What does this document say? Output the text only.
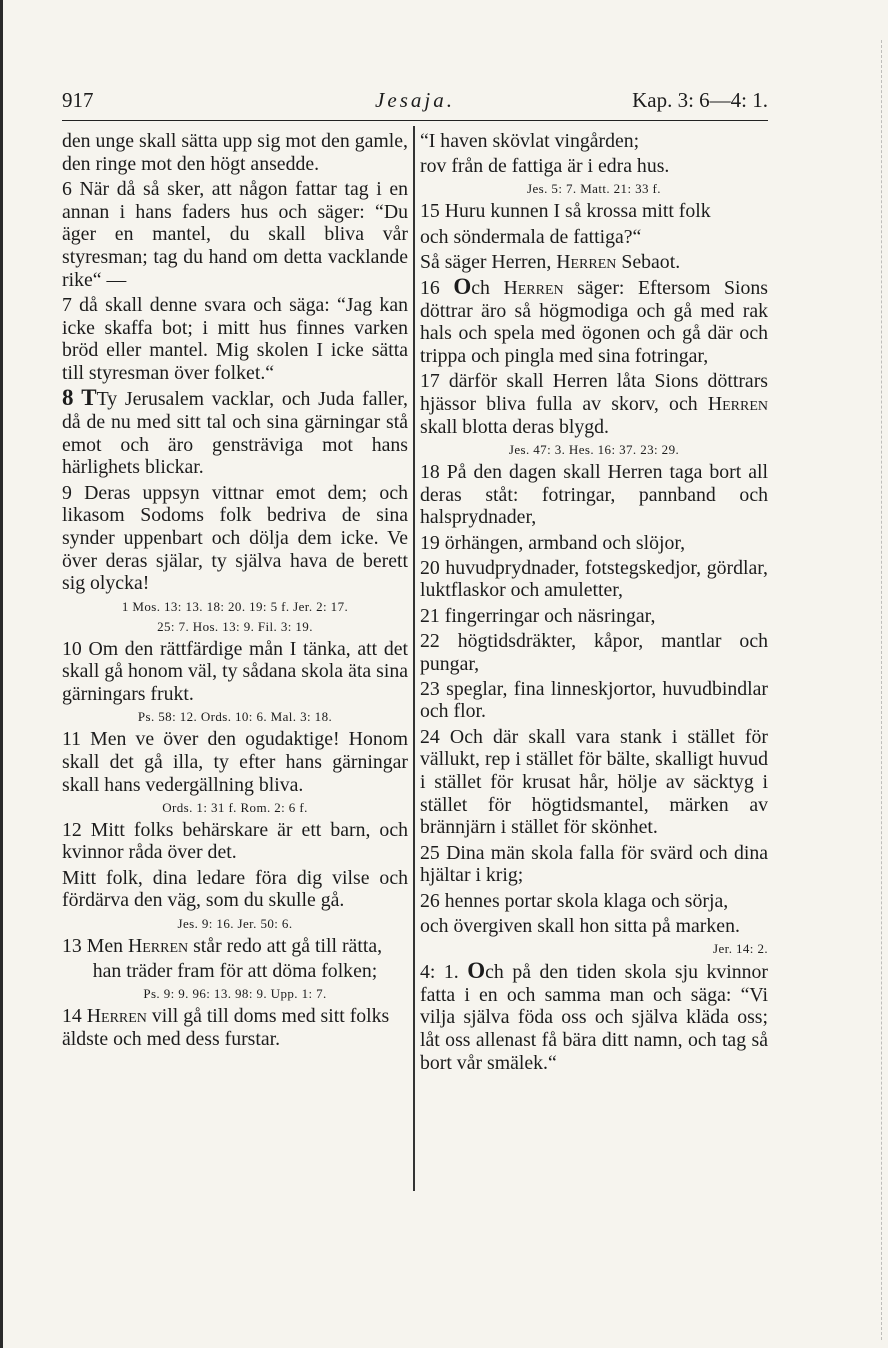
917	Jesaja.	Kap. 3: 6—4: 1.

den unge skall sätta upp sig mot den gamle, den ringe mot den högt ansedde.

6 När då så sker, att någon fattar tag i en annan i hans faders hus och säger: “Du äger en mantel, du skall bliva vår styresman; tag du hand om detta vacklande rike“ —

7 då skall denne svara och säga: “Jag kan icke skaffa bot; i mitt hus finnes varken bröd eller mantel. Mig skolen I icke sätta till styresman över folket.“

8 TTy Jerusalem vacklar, och Juda faller, då de nu med sitt tal och sina gärningar stå emot och äro gensträviga mot hans härlighets blickar.

9 Deras uppsyn vittnar emot dem; och likasom Sodoms folk bedriva de sina synder uppenbart och dölja dem icke. Ve över deras själar, ty själva hava de berett sig olycka!

1 Mos. 13: 13. 18: 20. 19: 5 f. Jer. 2: 17.

25: 7. Hos. 13: 9. Fil. 3: 19.

10 Om den rättfärdige mån I tänka, att det skall gå honom väl, ty sådana skola äta sina gärningars frukt.

Ps. 58: 12. Ords. 10: 6. Mal. 3: 18.

11 Men ve över den ogudaktige! Honom skall det gå illa, ty efter hans gärningar skall hans vedergällning bliva.

Ords. 1: 31 f. Rom. 2: 6 f.

12 Mitt folks behärskare är ett barn, och kvinnor råda över det.

Mitt folk, dina ledare föra dig vilse och fördärva den väg, som du skulle gå.

Jes. 9: 16. Jer. 50: 6.

13 Men Herren står redo att gå till rätta,

han träder fram för att döma folken;

Ps. 9: 9. 96: 13. 98: 9. Upp. 1: 7.

14 Herren vill gå till doms med sitt folks äldste och med dess furstar.

“I haven skövlat vingården;

rov från de fattiga är i edra hus.

Jes. 5: 7. Matt. 21: 33 f.

15 Huru kunnen I så krossa mitt folk

och söndermala de fattiga?“

Så säger Herren, Herren Sebaot.

16 Och Herren säger: Eftersom Sions döttrar äro så högmodiga och gå med rak hals och spela med ögonen och gå där och trippa och pingla med sina fotringar,

17 därför skall Herren låta Sions döttrars hjässor bliva fulla av skorv, och Herren skall blotta deras blygd.

Jes. 47: 3. Hes. 16: 37. 23: 29.

18 På den dagen skall Herren taga bort all deras ståt: fotringar, pannband och halsprydnader,

19 örhängen, armband och slöjor,

20 huvudprydnader, fotstegskedjor, gördlar, luktflaskor och amuletter,

21 fingerringar och näsringar,

22 högtidsdräkter, kåpor, mantlar och pungar,

23 speglar, fina linneskjortor, huvudbindlar och flor.

24 Och där skall vara stank i stället för vällukt, rep i stället för bälte, skalligt huvud i stället för krusat hår, hölje av säcktyg i stället för högtidsmantel, märken av brännjärn i stället för skönhet.

25 Dina män skola falla för svärd och dina hjältar i krig;

26 hennes portar skola klaga och sörja,

och övergiven skall hon sitta på marken.

Jer. 14: 2.

4: 1. Och på den tiden skola sju kvinnor fatta i en och samma man och säga: “Vi vilja själva föda oss och själva kläda oss; låt oss allenast få bära ditt namn, och tag så bort vår smälek.“
